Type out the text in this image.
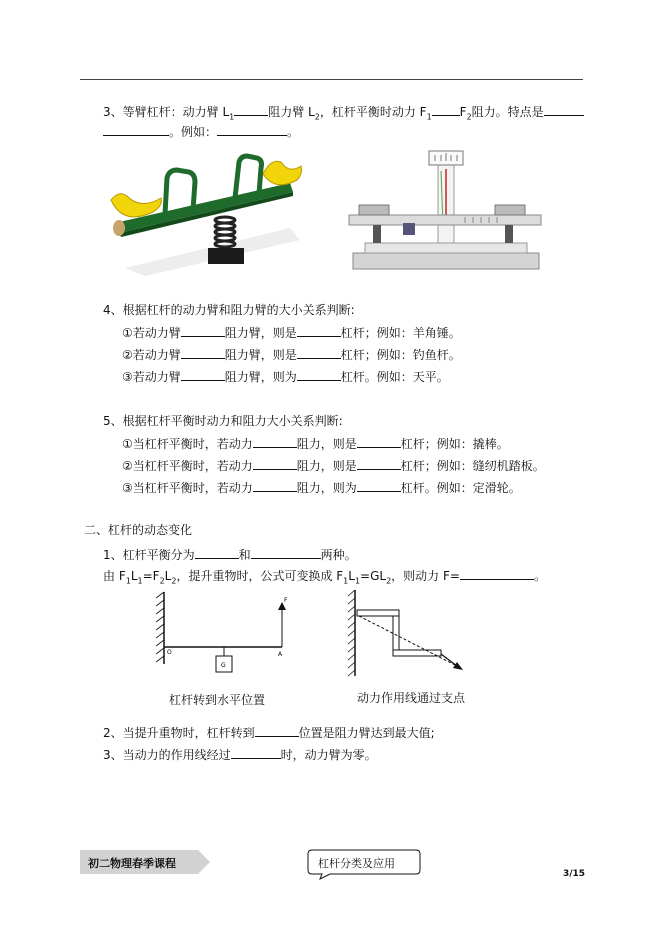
3、等臂杠杆：动力臂 $L_1$	阻力臂 $L_2$，杠杆平衡时动力 $F_1$ $F_2$阻力。特点是
。例如：	。
4、根据杠杆的动力臂和阻力臂的大小关系判断:
①若动力臂	阻力臂，则是	杠杆；例如：羊角锤。
②若动力臂	阻力臂，则是	杠杆；例如：钓鱼杆。
③若动力臂	阻力臂，则为	杠杆。例如：天平。
5、根据杠杆平衡时动力和阻力大小关系判断:
①当杠杆平衡时，若动力	阻力，则是	杠杆；例如：撬棒。
②当杠杆平衡时，若动力	阻力，则是	杠杆；例如：缝纫机踏板。
③当杠杆平衡时，若动力	阻力，则为	杠杆。例如：定滑轮。
二、杠杆的动态变化
1、杠杆平衡分为	和	两种。
由 $F_1L_1=F_2L_2$，提升重物时，公式可变换成 $F_1L_1=GL_2$，则动力 F=	。
F
O	A
G
杠杆转到水平位置	动力作用线通过支点
2、当提升重物时，杠杆转到	位置是阻力臂达到最大值;
3、当动力的作用线经过	时，动力臂为零。
初二物理春季课程	杠杆分类及应用
3/15
